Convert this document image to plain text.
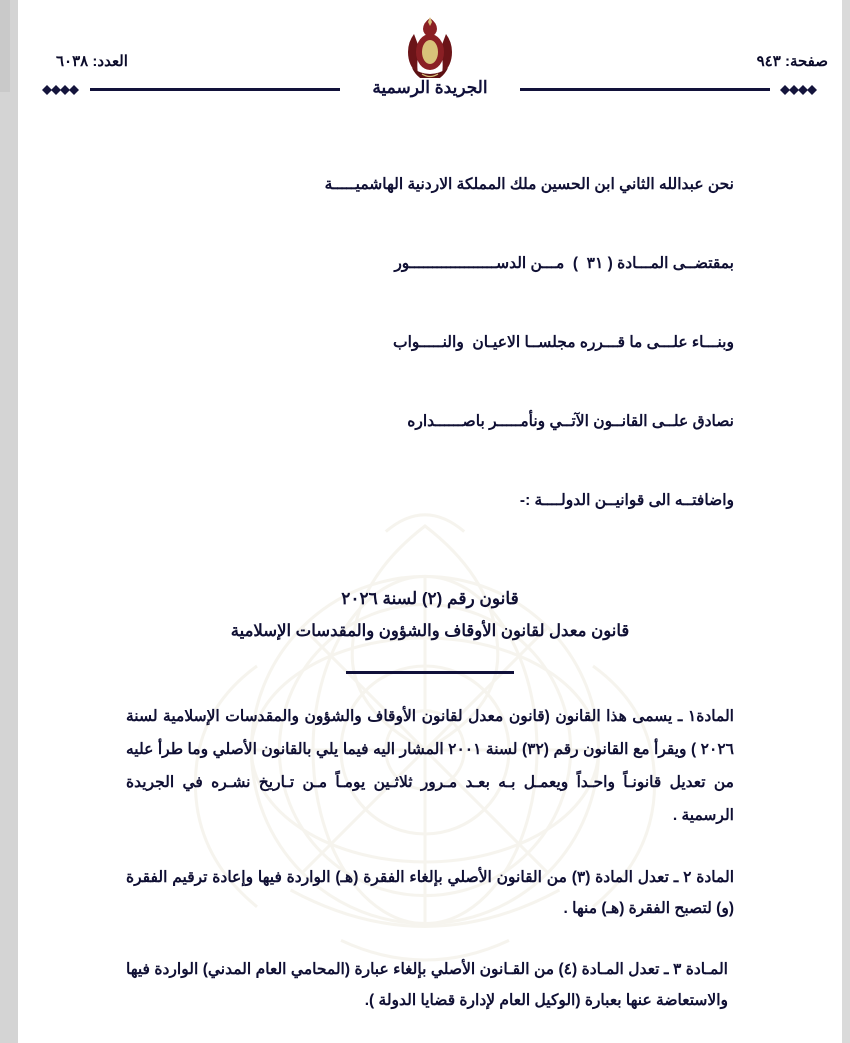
صفحة: ٩٤٣
العدد: ٦٠٣٨
الجريدة الرسمية

نحن عبدالله الثاني ابن الحسين ملك المملكة الاردنية الهاشميـــــة

بمقتضــى المـــادة ( ٣١  )  مـــن الدســـــــــــــــــــور

وبنـــاء علـــى ما قـــرره مجلســا الاعيـان  والنـــــواب

نصادق علــى القانــون الآتــي ونأمـــــر باصــــــداره

واضافتــه الى قوانيــن الدولــــة :-

قانون رقم (٢) لسنة ٢٠٢٦
قانون معدل لقانون الأوقاف والشؤون والمقدسات الإسلامية
المادة١ ـ يسمى هذا القانون (قانون معدل لقانون الأوقاف والشؤون والمقدسات الإسلامية لسنة ٢٠٢٦ ) ويقرأ مع القانون رقم (٣٢) لسنة ٢٠٠١ المشار اليه فيما يلي بالقانون الأصلي وما طرأ عليه من تعديل قانونـاً واحـداً ويعمـل بـه بعـد مـرور ثلاثـين يومـاً مـن تـاريخ نشـره في الجريدة الرسمية .
المادة ٢ ـ تعدل المادة (٣) من القانون الأصلي بإلغاء الفقرة (هـ) الواردة فيها وإعادة ترقيم الفقرة (و) لتصبح الفقرة (هـ) منها .
المـادة ٣ ـ تعدل المـادة (٤) من القـانون الأصلي بإلغاء عبارة (المحامي العام المدني) الواردة فيها والاستعاضة عنها بعبارة (الوكيل العام لإدارة قضايا الدولة ).
